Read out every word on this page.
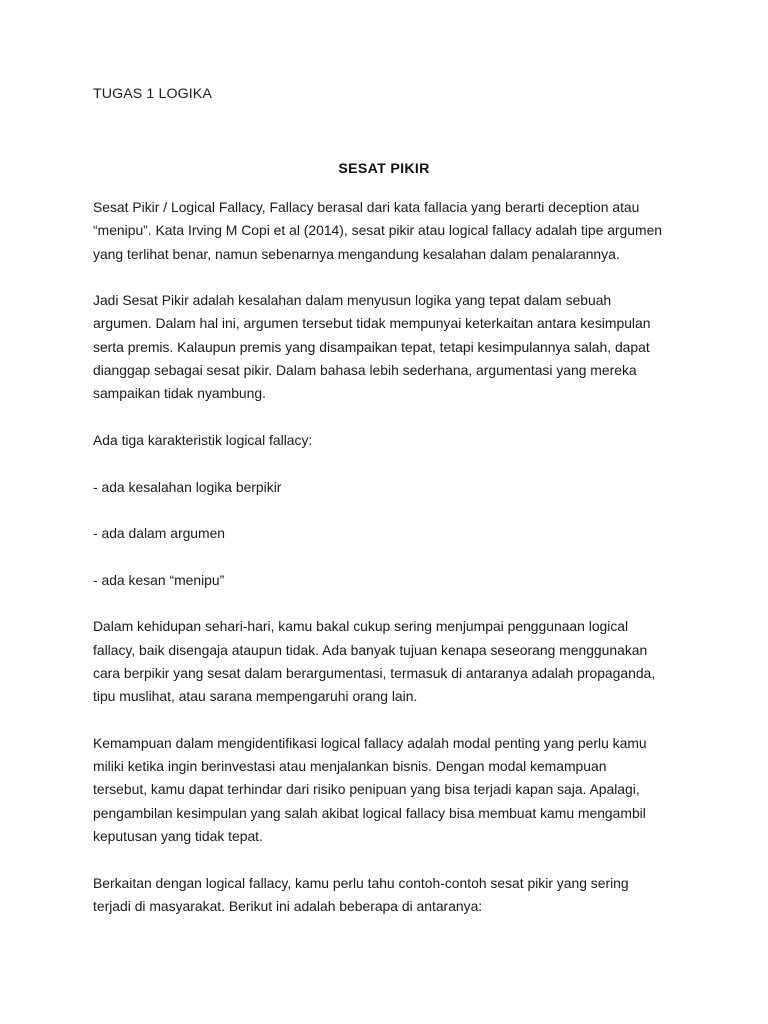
TUGAS 1 LOGIKA
SESAT PIKIR
Sesat Pikir / Logical Fallacy, Fallacy berasal dari kata fallacia yang berarti deception atau
“menipu”. Kata Irving M Copi et al (2014), sesat pikir atau logical fallacy adalah tipe argumen
yang terlihat benar, namun sebenarnya mengandung kesalahan dalam penalarannya.
Jadi Sesat Pikir adalah kesalahan dalam menyusun logika yang tepat dalam sebuah
argumen. Dalam hal ini, argumen tersebut tidak mempunyai keterkaitan antara kesimpulan
serta premis. Kalaupun premis yang disampaikan tepat, tetapi kesimpulannya salah, dapat
dianggap sebagai sesat pikir. Dalam bahasa lebih sederhana, argumentasi yang mereka
sampaikan tidak nyambung.
Ada tiga karakteristik logical fallacy:
- ada kesalahan logika berpikir
- ada dalam argumen
- ada kesan “menipu”
Dalam kehidupan sehari-hari, kamu bakal cukup sering menjumpai penggunaan logical
fallacy, baik disengaja ataupun tidak. Ada banyak tujuan kenapa seseorang menggunakan
cara berpikir yang sesat dalam berargumentasi, termasuk di antaranya adalah propaganda,
tipu muslihat, atau sarana mempengaruhi orang lain.
Kemampuan dalam mengidentifikasi logical fallacy adalah modal penting yang perlu kamu
miliki ketika ingin berinvestasi atau menjalankan bisnis. Dengan modal kemampuan
tersebut, kamu dapat terhindar dari risiko penipuan yang bisa terjadi kapan saja. Apalagi,
pengambilan kesimpulan yang salah akibat logical fallacy bisa membuat kamu mengambil
keputusan yang tidak tepat.
Berkaitan dengan logical fallacy, kamu perlu tahu contoh-contoh sesat pikir yang sering
terjadi di masyarakat. Berikut ini adalah beberapa di antaranya:
